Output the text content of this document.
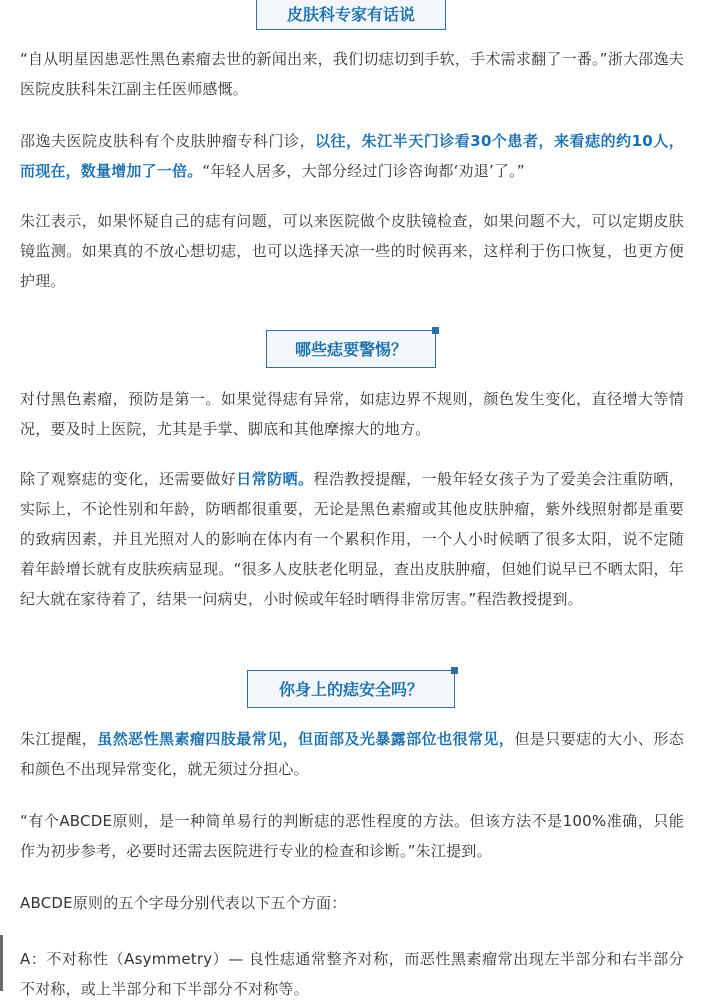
皮肤科专家有话说

“自从明星因患恶性黑色素瘤去世的新闻出来，我们切痣切到手软，手术需求翻了一番。”浙大邵逸夫医院皮肤科朱江副主任医师感慨。

邵逸夫医院皮肤科有个皮肤肿瘤专科门诊，以往，朱江半天门诊看30个患者，来看痣的约10人，而现在，数量增加了一倍。“年轻人居多，大部分经过门诊咨询都‘劝退’了。”

朱江表示，如果怀疑自己的痣有问题，可以来医院做个皮肤镜检查，如果问题不大，可以定期皮肤镜监测。如果真的不放心想切痣，也可以选择天凉一些的时候再来，这样利于伤口恢复，也更方便护理。

哪些痣要警惕？

对付黑色素瘤，预防是第一。如果觉得痣有异常，如痣边界不规则，颜色发生变化，直径增大等情况，要及时上医院，尤其是手掌、脚底和其他摩擦大的地方。

除了观察痣的变化，还需要做好日常防晒。程浩教授提醒，一般年轻女孩子为了爱美会注重防晒，实际上，不论性别和年龄，防晒都很重要，无论是黑色素瘤或其他皮肤肿瘤，紫外线照射都是重要的致病因素，并且光照对人的影响在体内有一个累积作用，一个人小时候晒了很多太阳，说不定随着年龄增长就有皮肤疾病显现。“很多人皮肤老化明显，查出皮肤肿瘤，但她们说早已不晒太阳，年纪大就在家待着了，结果一问病史，小时候或年轻时晒得非常厉害。”程浩教授提到。

你身上的痣安全吗？

朱江提醒，虽然恶性黑素瘤四肢最常见，但面部及光暴露部位也很常见，但是只要痣的大小、形态和颜色不出现异常变化，就无须过分担心。

“有个ABCDE原则，是一种简单易行的判断痣的恶性程度的方法。但该方法不是100%准确，只能作为初步参考，必要时还需去医院进行专业的检查和诊断。”朱江提到。

ABCDE原则的五个字母分别代表以下五个方面：

A：不对称性（Asymmetry）— 良性痣通常整齐对称，而恶性黑素瘤常出现左半部分和右半部分不对称，或上半部分和下半部分不对称等。
